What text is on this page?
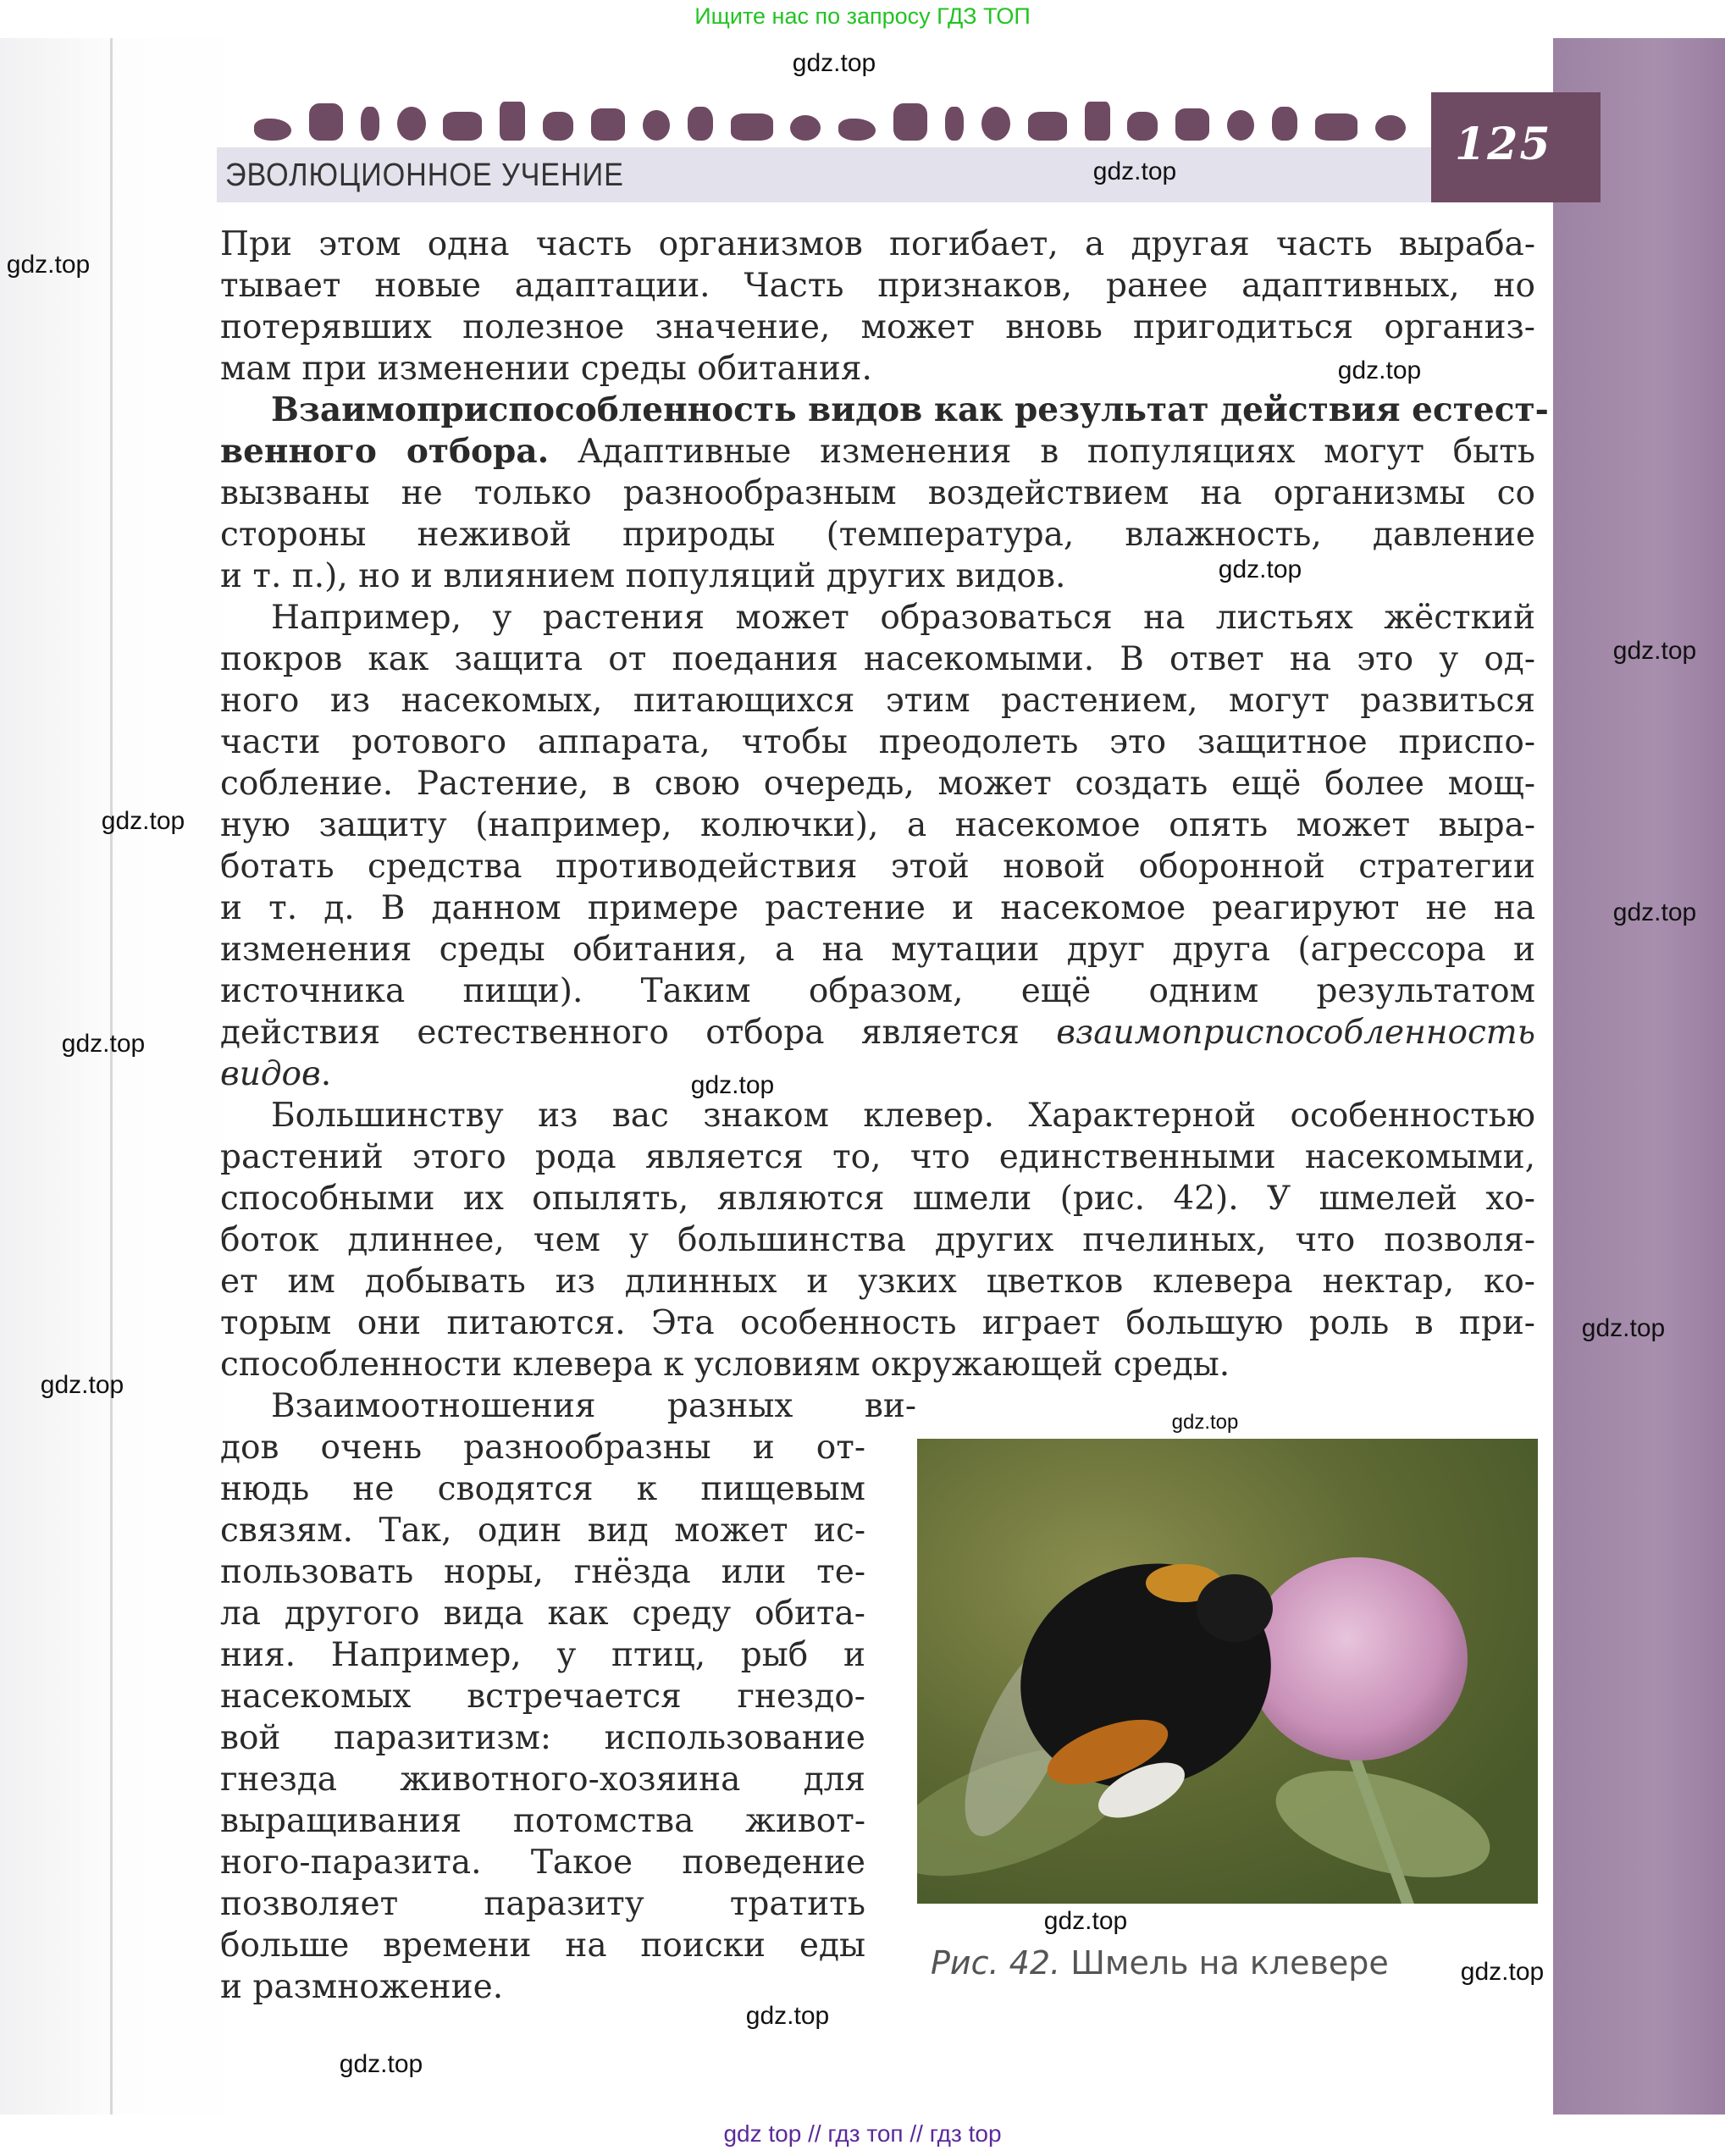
Ищите нас по запросу ГДЗ ТОП
ЭВОЛЮЦИОННОЕ УЧЕНИЕ
125
При этом одна часть организмов погибает, а другая часть выраба-
тывает новые адаптации. Часть признаков, ранее адаптивных, но
потерявших полезное значение, может вновь пригодиться организ-
мам при изменении среды обитания.
Взаимоприспособленность видов как результат действия естест-
венного отбора. Адаптивные изменения в популяциях могут быть
вызваны не только разнообразным воздействием на организмы со
стороны неживой природы (температура, влажность, давление
и т. п.), но и влиянием популяций других видов.
Например, у растения может образоваться на листьях жёсткий
покров как защита от поедания насекомыми. В ответ на это у од-
ного из насекомых, питающихся этим растением, могут развиться
части ротового аппарата, чтобы преодолеть это защитное приспо-
собление. Растение, в свою очередь, может создать ещё более мощ-
ную защиту (например, колючки), а насекомое опять может выра-
ботать средства противодействия этой новой оборонной стратегии
и т. д. В данном примере растение и насекомое реагируют не на
изменения среды обитания, а на мутации друг друга (агрессора и
источника пищи). Таким образом, ещё одним результатом
действия естественного отбора является взаимоприспособленность
видов.
Большинству из вас знаком клевер. Характерной особенностью
растений этого рода является то, что единственными насекомыми,
способными их опылять, являются шмели (рис. 42). У шмелей хо-
боток длиннее, чем у большинства других пчелиных, что позволя-
ет им добывать из длинных и узких цветков клевера нектар, ко-
торым они питаются. Эта особенность играет большую роль в при-
способленности клевера к условиям окружающей среды.
Взаимоотношения разных ви-
дов очень разнообразны и от-
нюдь не сводятся к пищевым
связям. Так, один вид может ис-
пользовать норы, гнёзда или те-
ла другого вида как среду обита-
ния. Например, у птиц, рыб и
насекомых встречается гнездо-
вой паразитизм: использование
гнезда животного-хозяина для
выращивания потомства живот-
ного-паразита. Такое поведение
позволяет паразиту тратить
больше времени на поиски еды
и размножение.
Рис. 42. Шмель на клевере
gdz.top
gdz.top
gdz.top
gdz.top
gdz.top
gdz.top
gdz.top
gdz.top
gdz.top
gdz.top
gdz.top
gdz.top
gdz.top
gdz.top
gdz.top
gdz.top
gdz.top
gdz top // гдз топ // гдз top
